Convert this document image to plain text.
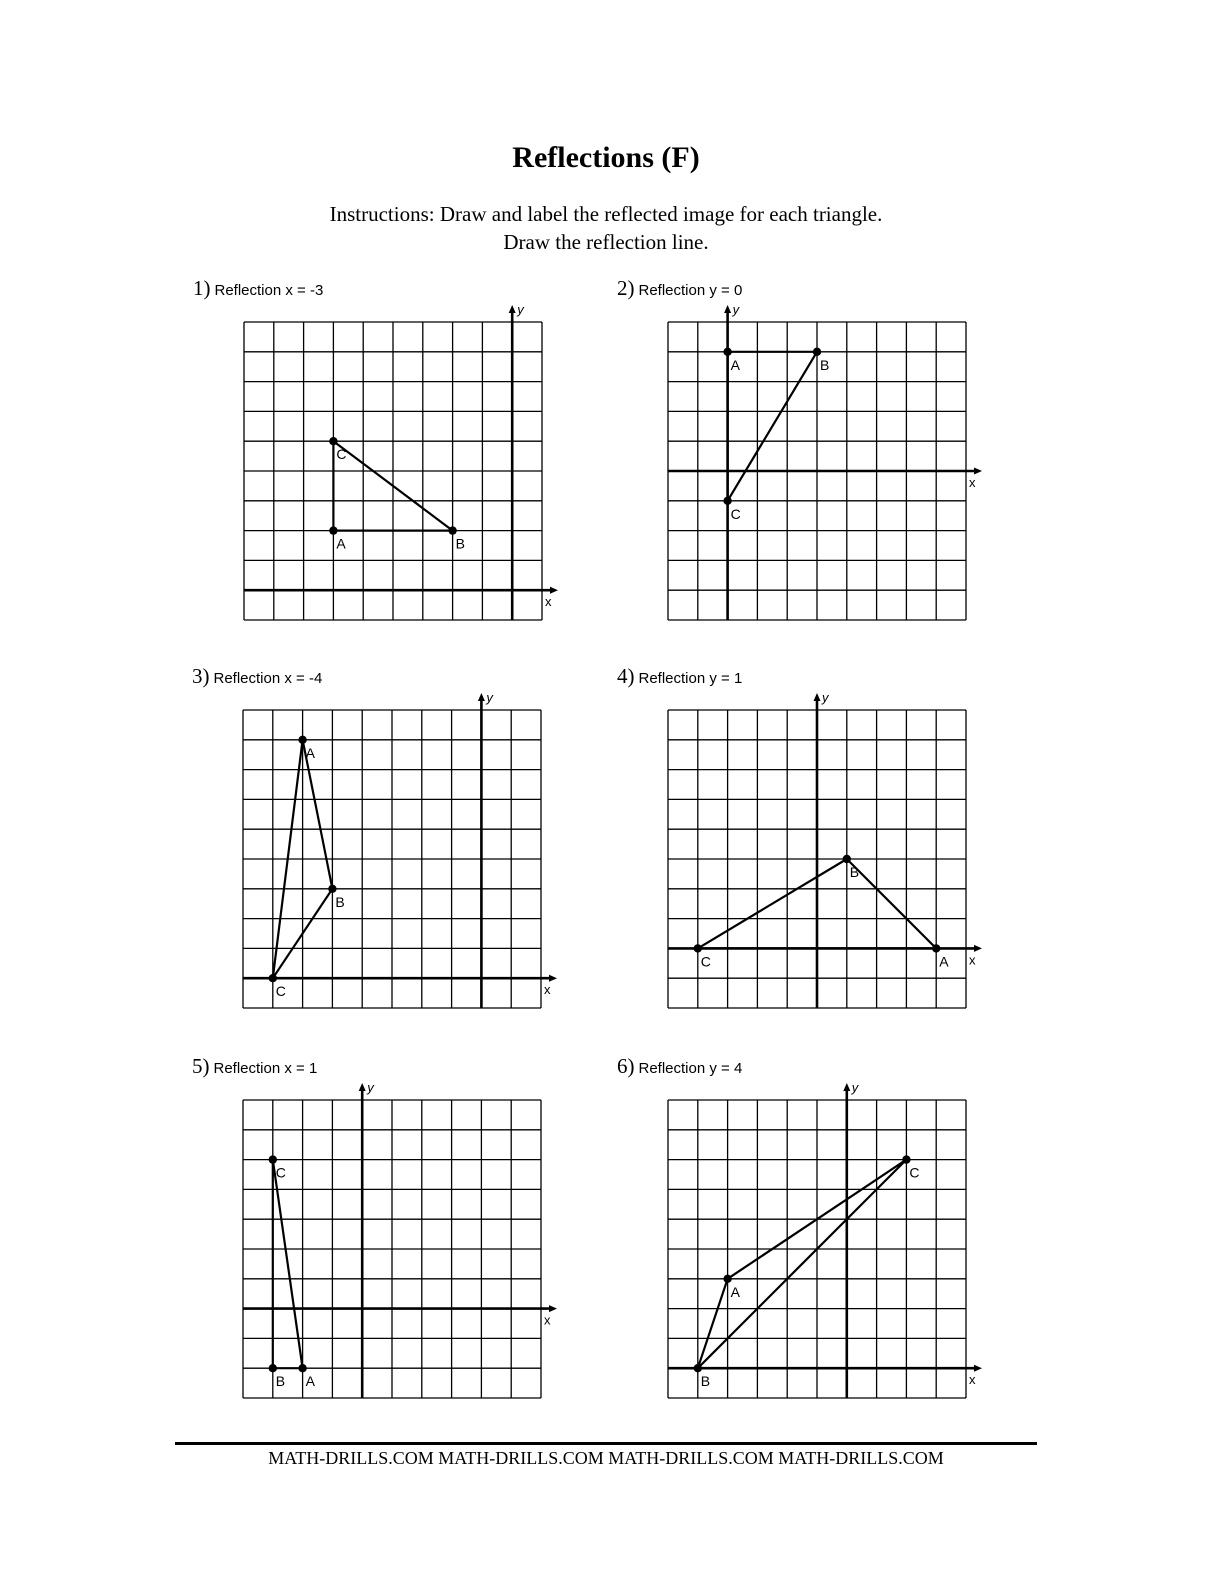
Reflections (F)
Instructions: Draw and label the reflected image for each triangle.
Draw the reflection line.
1) Reflection x = -3
x
y
A	B
C
2) Reflection y = 0
x
y
A	B
C
3) Reflection x = -4
x
y
A
B
C
4) Reflection y = 1
x
y
A
B
C
5) Reflection x = 1
x
y
A
B
C
6) Reflection y = 4
x
y
A
B
C
MATH-DRILLS.COM MATH-DRILLS.COM MATH-DRILLS.COM MATH-DRILLS.COM
